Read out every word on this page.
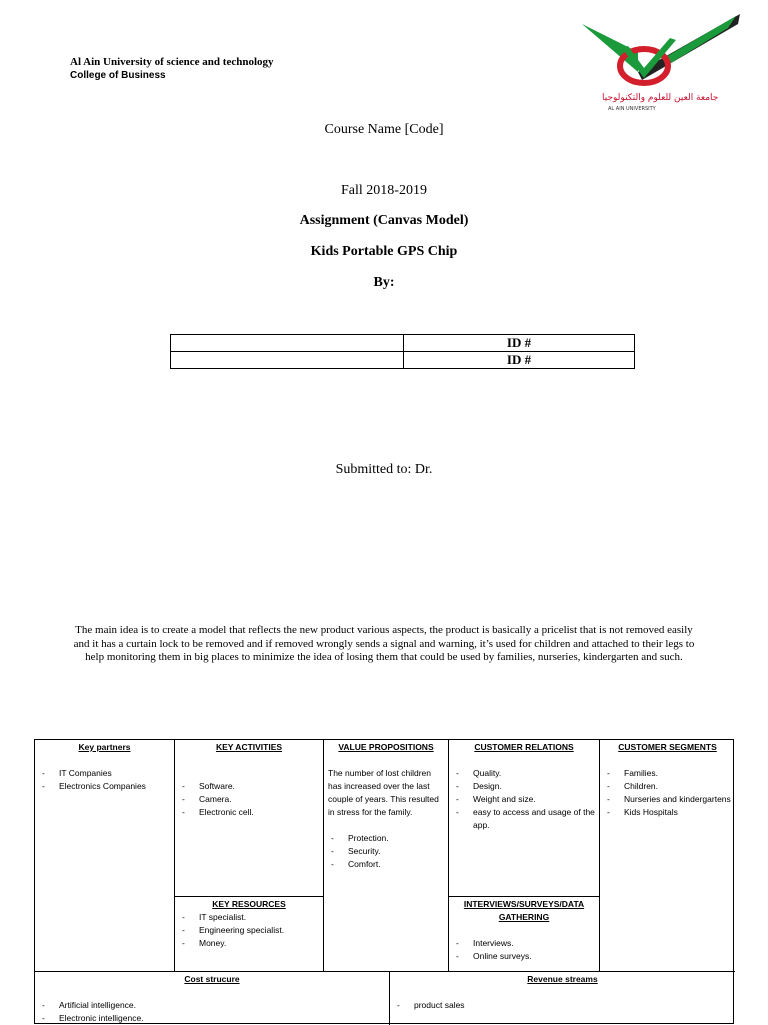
Al Ain University of science and technology
College of Business
جامعة العين للعلوم والتكنولوجيا
AL AIN UNIVERSITY
Course Name [Code]
Fall 2018-2019
Assignment (Canvas Model)
Kids Portable GPS Chip
By:
	ID #
	ID #
Submitted to: Dr.
The main idea is to create a model that reflects the new product various aspects, the product is basically a pricelist that is not removed easily and it has a curtain lock to be removed and if removed wrongly sends a signal and warning, it’s used for children and attached to their legs to help monitoring them in big places to minimize the idea of losing them that could be used by families, nurseries, kindergarten and such.
Key partners
- IT Companies
- Electronics Companies
KEY ACTIVITIES
- Software.
- Camera.
- Electronic cell.
KEY RESOURCES
- IT specialist.
- Engineering specialist.
- Money.
VALUE PROPOSITIONS
The number of lost children has increased over the last couple of years. This resulted in stress for the family.
- Protection.
- Security.
- Comfort.
CUSTOMER RELATIONS
- Quality.
- Design.
- Weight and size.
- easy to access and usage of the app.
INTERVIEWS/SURVEYS/DATA GATHERING
- Interviews.
- Online surveys.
CUSTOMER SEGMENTS
- Families.
- Children.
- Nurseries and kindergartens
- Kids Hospitals
Cost strucure
- Artificial intelligence.
- Electronic intelligence.
Revenue streams
- product sales
